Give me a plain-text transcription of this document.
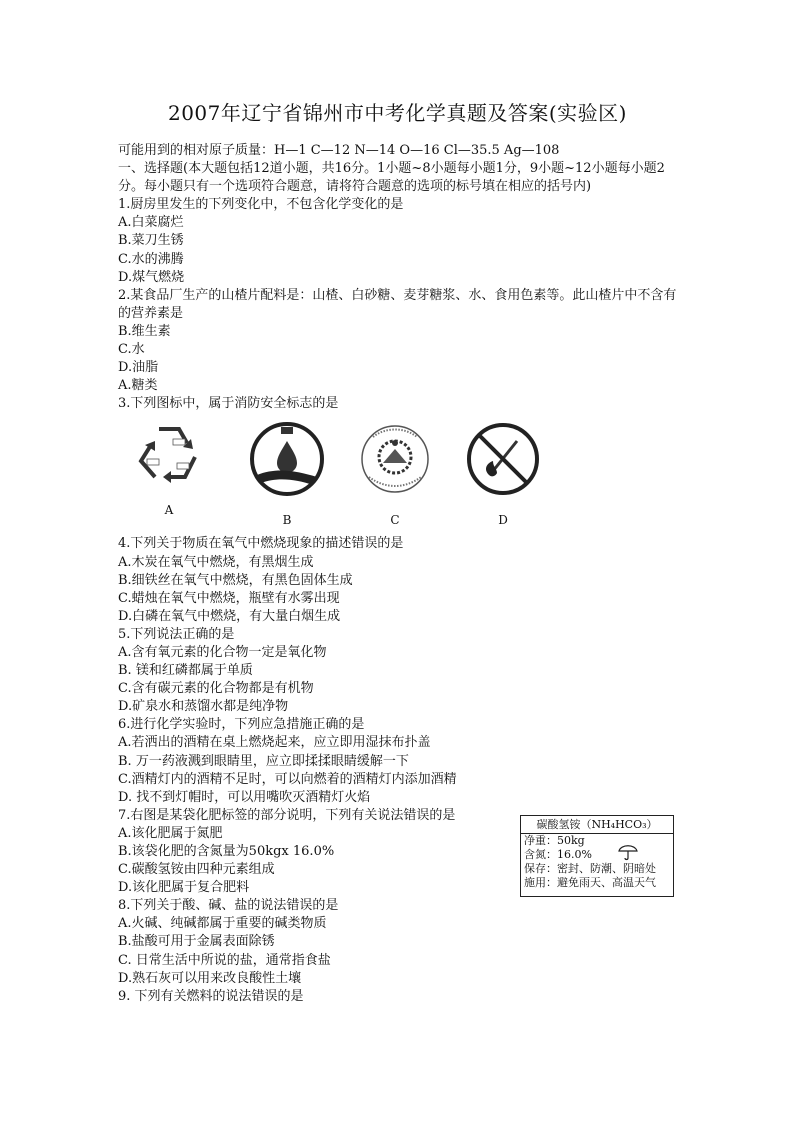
2007年辽宁省锦州市中考化学真题及答案(实验区)
可能用到的相对原子质量：H—1 C—12 N—14 O—16 Cl—35.5 Ag—108
一、选择题(本大题包括12道小题，共16分。1小题~8小题每小题1分，9小题~12小题每小题2分。每小题只有一个选项符合题意，请将符合题意的选项的标号填在相应的括号内)
1.厨房里发生的下列变化中，不包含化学变化的是
A.白菜腐烂
B.菜刀生锈
C.水的沸腾
D.煤气燃烧
2.某食品厂生产的山楂片配料是：山楂、白砂糖、麦芽糖浆、水、食用色素等。此山楂片中不含有的营养素是
B.维生素
C.水
D.油脂
A.糖类
3.下列图标中，属于消防安全标志的是
A
B	C	D
4.下列关于物质在氧气中燃烧现象的描述错误的是
A.木炭在氧气中燃烧，有黑烟生成
B.细铁丝在氧气中燃烧，有黑色固体生成
C.蜡烛在氧气中燃烧，瓶壁有水雾出现
D.白磷在氧气中燃烧，有大量白烟生成
5.下列说法正确的是
A.含有氧元素的化合物一定是氧化物
B. 镁和红磷都属于单质
C.含有碳元素的化合物都是有机物
D.矿泉水和蒸馏水都是纯净物
6.进行化学实验时，下列应急措施正确的是
A.若洒出的酒精在桌上燃烧起来，应立即用湿抹布扑盖
B. 万一药液溅到眼睛里，应立即揉揉眼睛缓解一下
C.酒精灯内的酒精不足时，可以向燃着的酒精灯内添加酒精
D. 找不到灯帽时，可以用嘴吹灭酒精灯火焰
7.右图是某袋化肥标签的部分说明，下列有关说法错误的是
A.该化肥属于氮肥
B.该袋化肥的含氮量为50kgx 16.0%
C.碳酸氢铵由四种元素组成
D.该化肥属于复合肥料
8.下列关于酸、碱、盐的说法错误的是
A.火碱、纯碱都属于重要的碱类物质
B.盐酸可用于金属表面除锈
C. 日常生活中所说的盐，通常指食盐
D.熟石灰可以用来改良酸性土壤
9. 下列有关燃料的说法错误的是
碳酸氢铵（NH₄HCO₃）
净重：50kg
含氮：16.0%
保存：密封、防潮、阴暗处
施用：避免雨天、高温天气
